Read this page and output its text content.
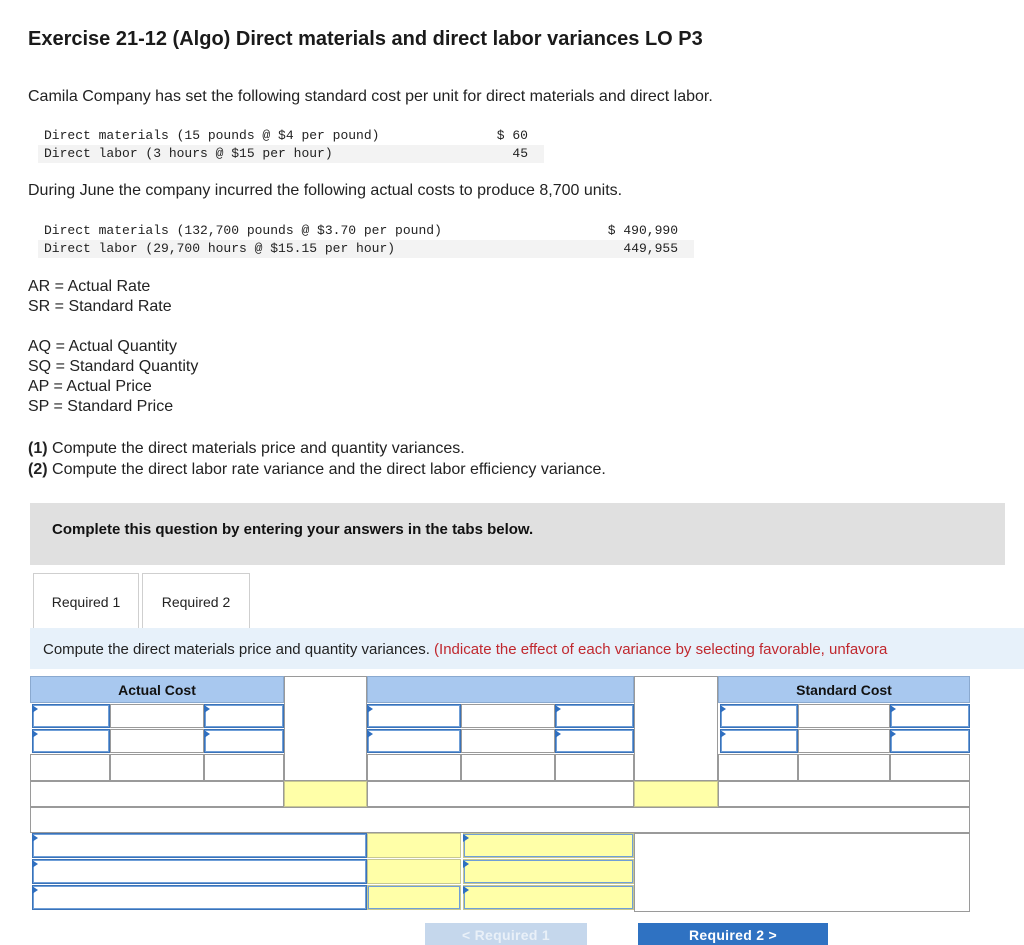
Exercise 21-12 (Algo) Direct materials and direct labor variances LO P3
Camila Company has set the following standard cost per unit for direct materials and direct labor.
Direct materials (15 pounds @ $4 per pound)	$ 60
Direct labor (3 hours @ $15 per hour)	45
During June the company incurred the following actual costs to produce 8,700 units.
Direct materials (132,700 pounds @ $3.70 per pound)	$ 490,990
Direct labor (29,700 hours @ $15.15 per hour)	449,955
AR = Actual Rate
SR = Standard Rate
AQ = Actual Quantity
SQ = Standard Quantity
AP = Actual Price
SP = Standard Price
(1) Compute the direct materials price and quantity variances.
(2) Compute the direct labor rate variance and the direct labor efficiency variance.
Complete this question by entering your answers in the tabs below.
Required 1	Required 2
Compute the direct materials price and quantity variances. (Indicate the effect of each variance by selecting favorable, unfavora
Actual Cost	Standard Cost
< Required 1	Required 2 >
